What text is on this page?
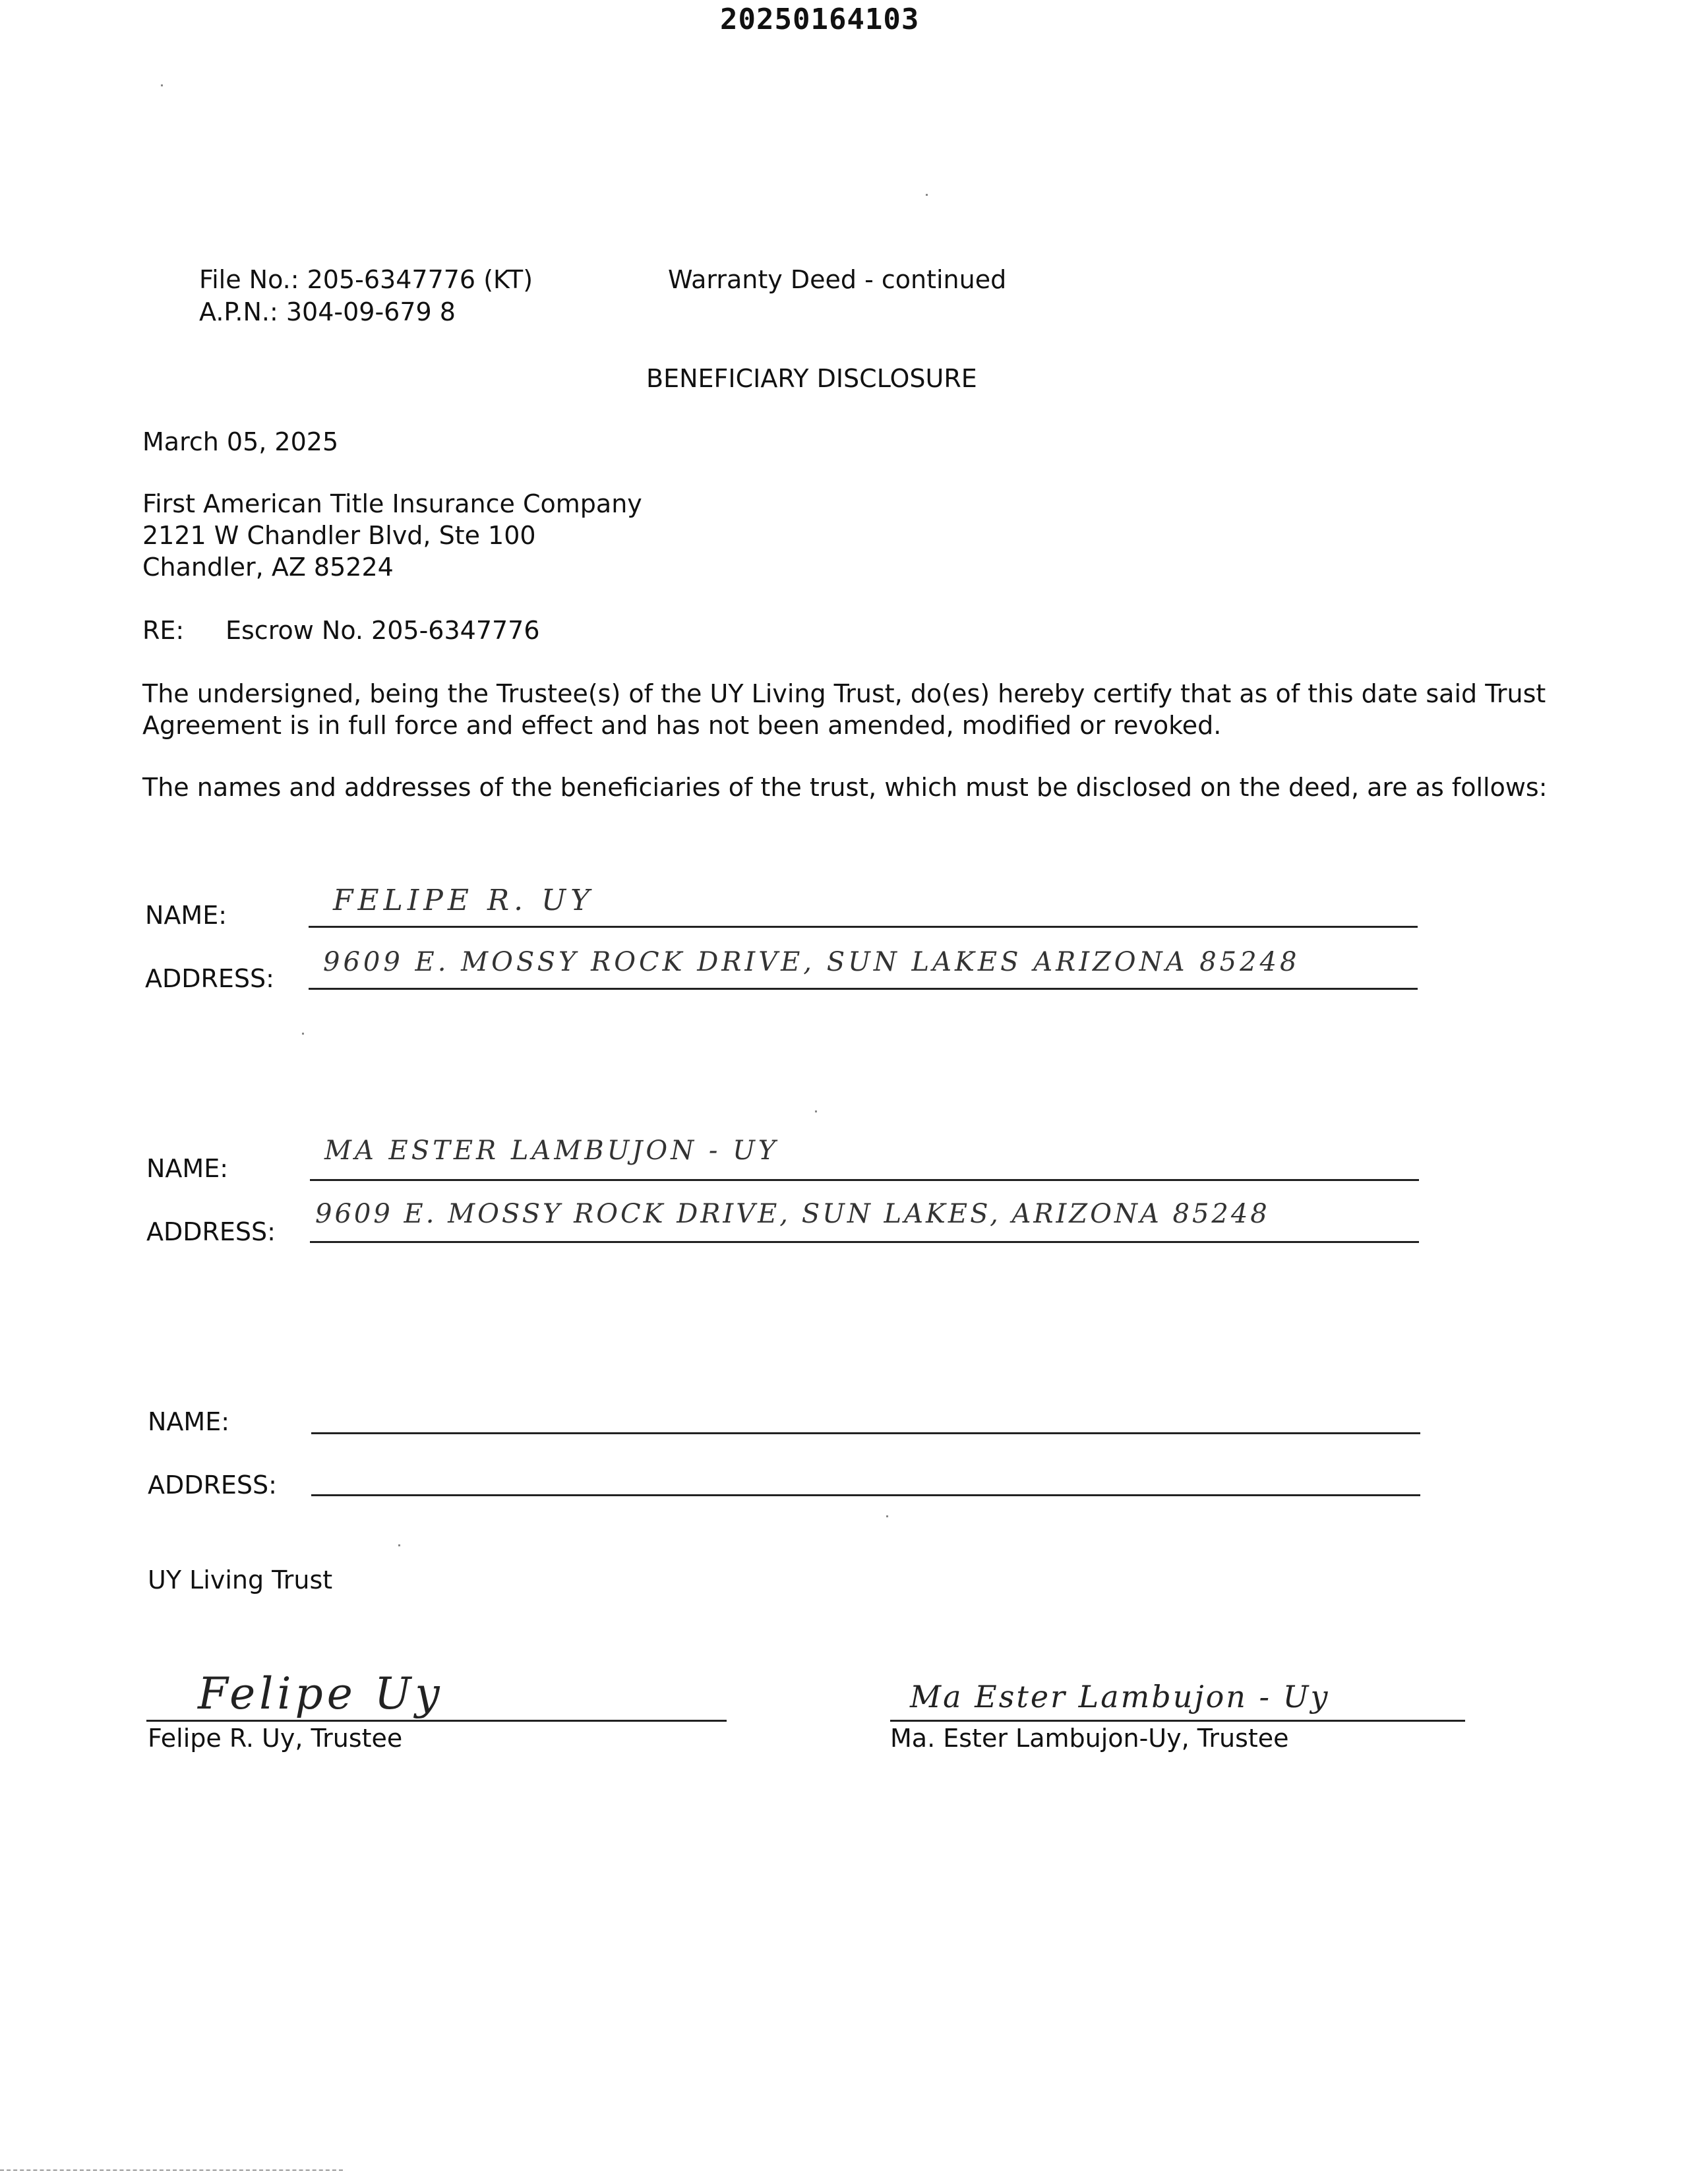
20250164103
File No.: 205-6347776 (KT)
A.P.N.: 304-09-679 8
Warranty Deed - continued
BENEFICIARY DISCLOSURE
March 05, 2025
First American Title Insurance Company
2121 W Chandler Blvd, Ste 100
Chandler, AZ 85224
RE: Escrow No. 205-6347776
The undersigned, being the Trustee(s) of the UY Living Trust, do(es) hereby certify that as of this date said Trust
Agreement is in full force and effect and has not been amended, modified or revoked.
The names and addresses of the beneficiaries of the trust, which must be disclosed on the deed, are as follows:
NAME:	FELIPE R. UY
ADDRESS:
9609 E. MOSSY ROCK DRIVE, SUN LAKES ARIZONA 85248
NAME:
MA ESTER LAMBUJON - UY
ADDRESS:
9609 E. MOSSY ROCK DRIVE, SUN LAKES, ARIZONA 85248
NAME:
ADDRESS:
UY Living Trust
Felipe Uy
Felipe R. Uy, Trustee
Ma Ester Lambujon - Uy
Ma. Ester Lambujon-Uy, Trustee
